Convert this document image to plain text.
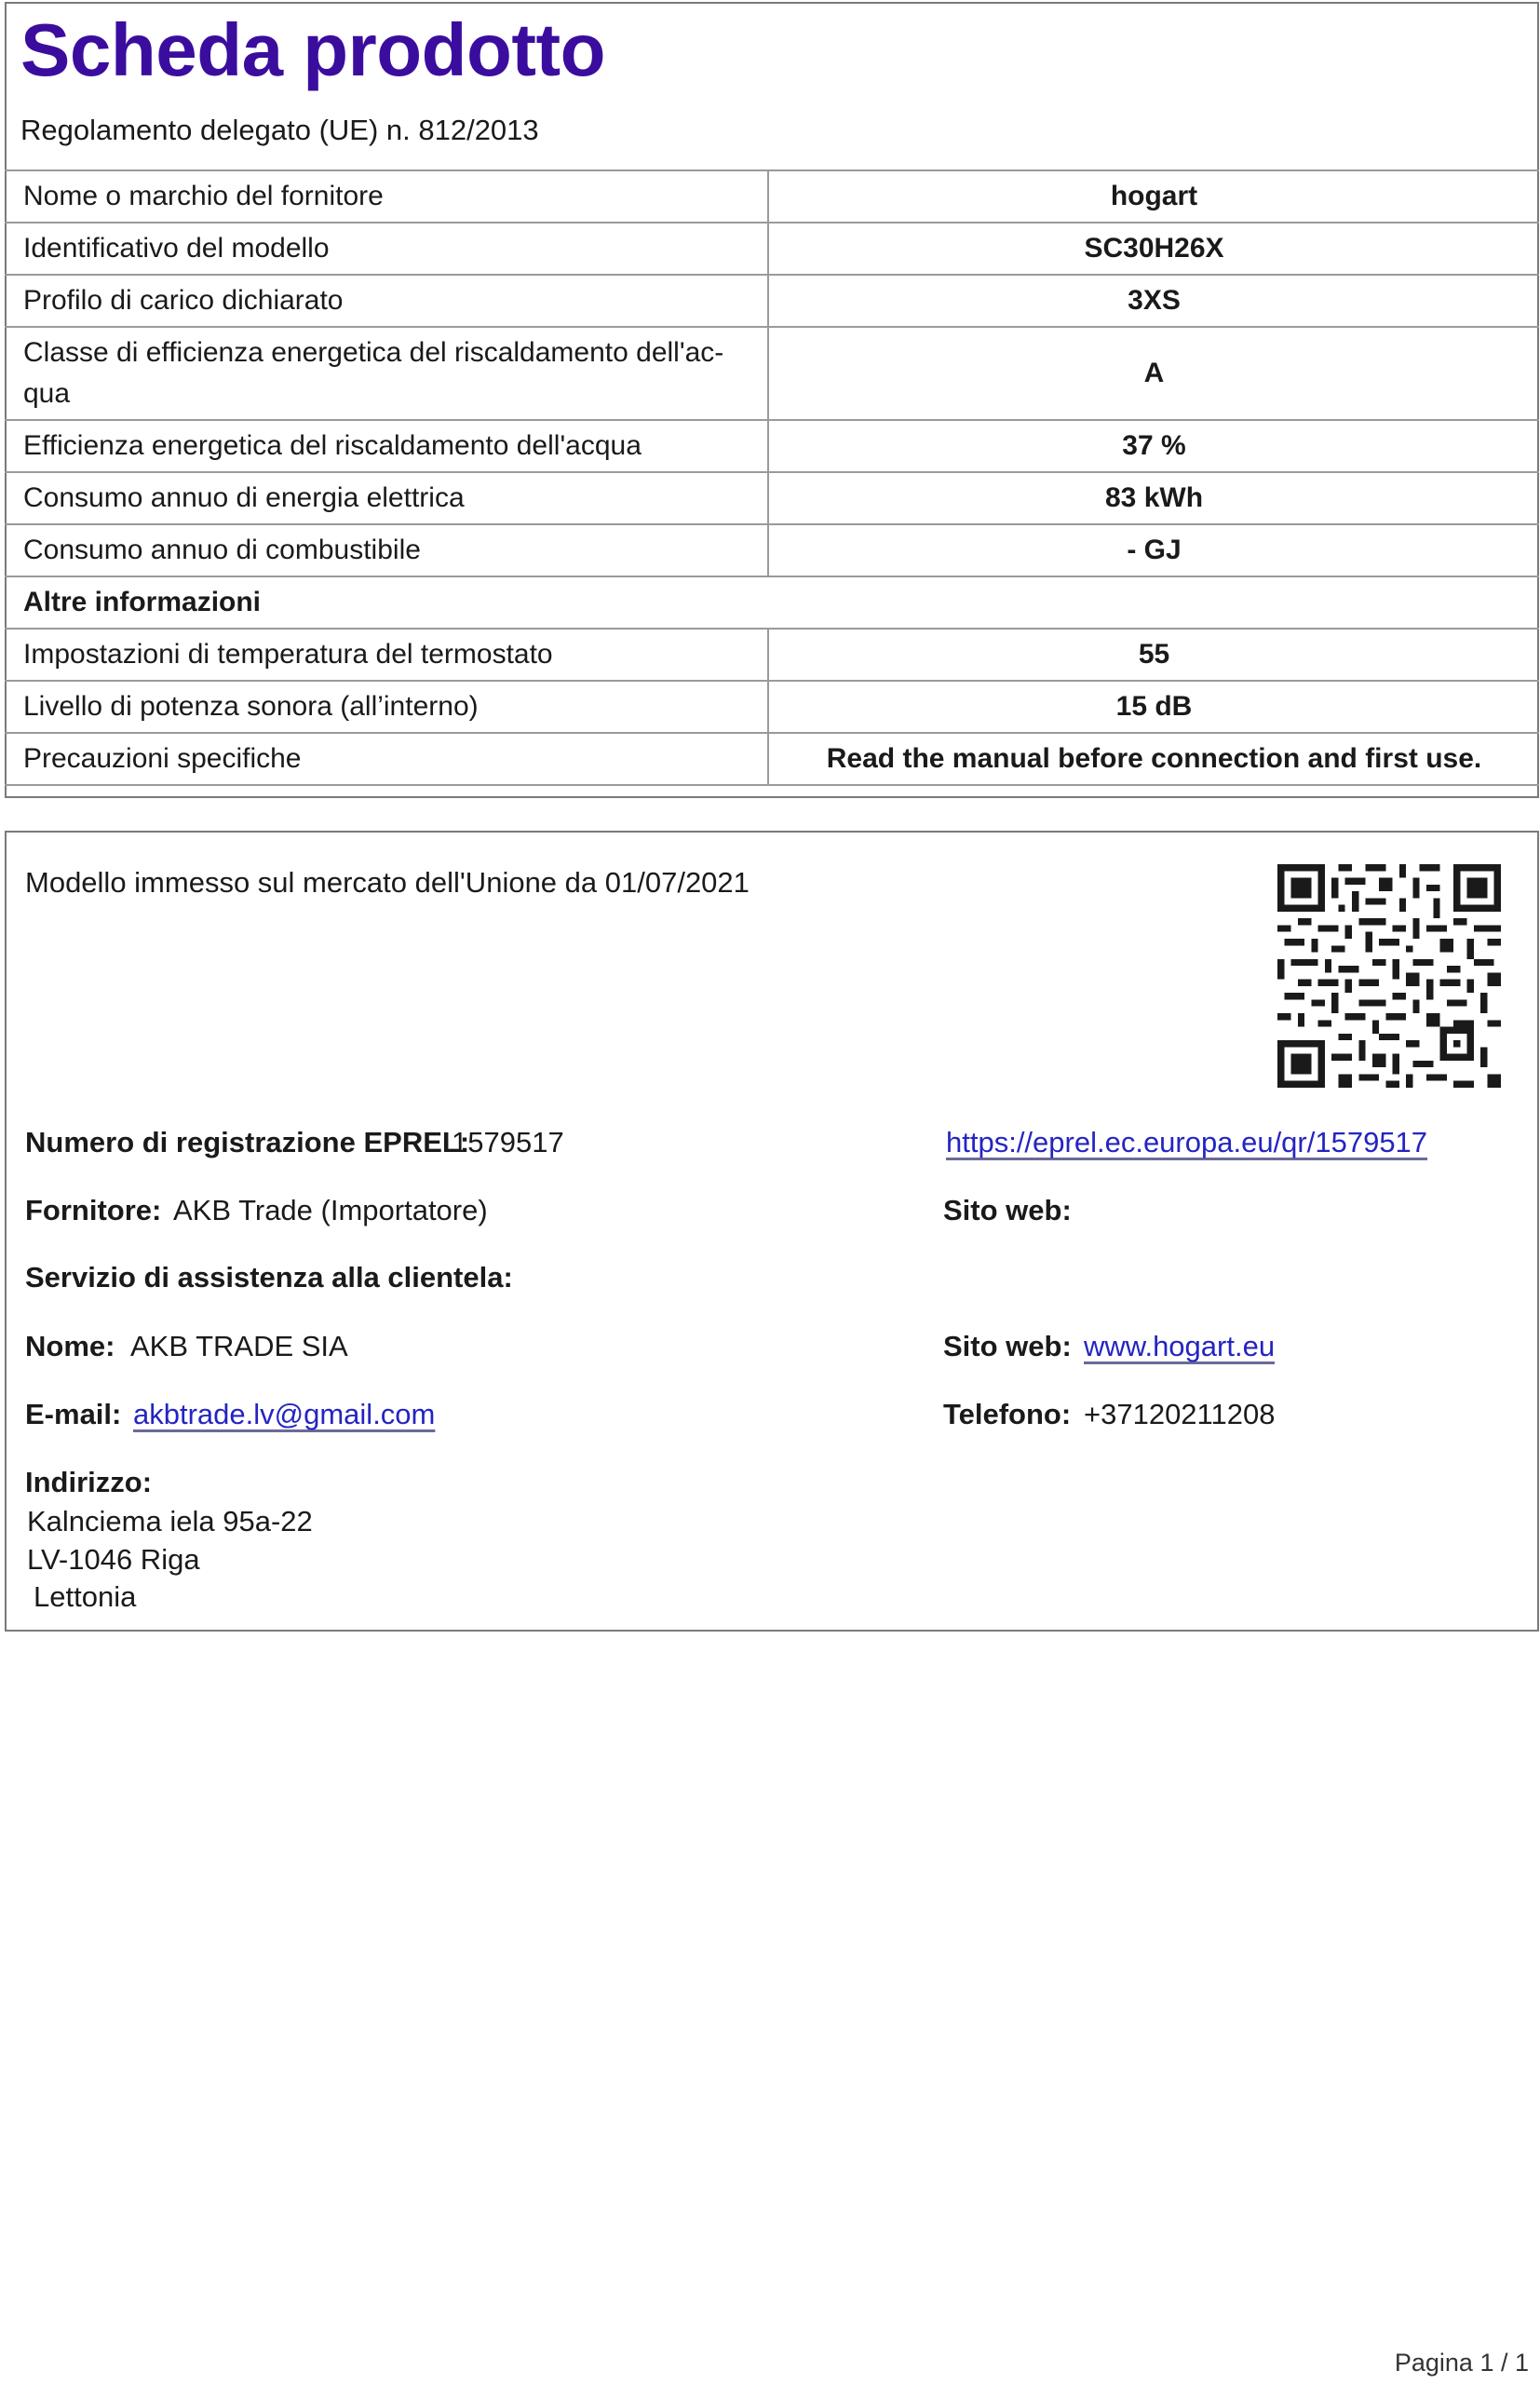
Scheda prodotto
Regolamento delegato (UE) n. 812/2013
Nome o marchio del fornitore	hogart
Identificativo del modello	SC30H26X
Profilo di carico dichiarato	3XS
Classe di efficienza energetica del riscaldamento dell'ac-
qua	A
Efficienza energetica del riscaldamento dell'acqua	37 %
Consumo annuo di energia elettrica	83 kWh
Consumo annuo di combustibile	- GJ
Altre informazioni	
Impostazioni di temperatura del termostato	55
Livello di potenza sonora (all’interno)	15 dB
Precauzioni specifiche	Read the manual before connection and first use.
Modello immesso sul mercato dell'Unione da 01/07/2021
Numero di registrazione EPREL:
1579517	https://eprel.ec.europa.eu/qr/1579517
Fornitore: AKB Trade (Importatore)	Sito web:
Servizio di assistenza alla clientela:
Nome: AKB TRADE SIA	Sito web: www.hogart.eu
E-mail: akbtrade.lv@gmail.com	Telefono: +37120211208
Indirizzo:
Kalnciema iela 95a-22
LV-1046 Riga
Lettonia
Pagina 1 / 1
